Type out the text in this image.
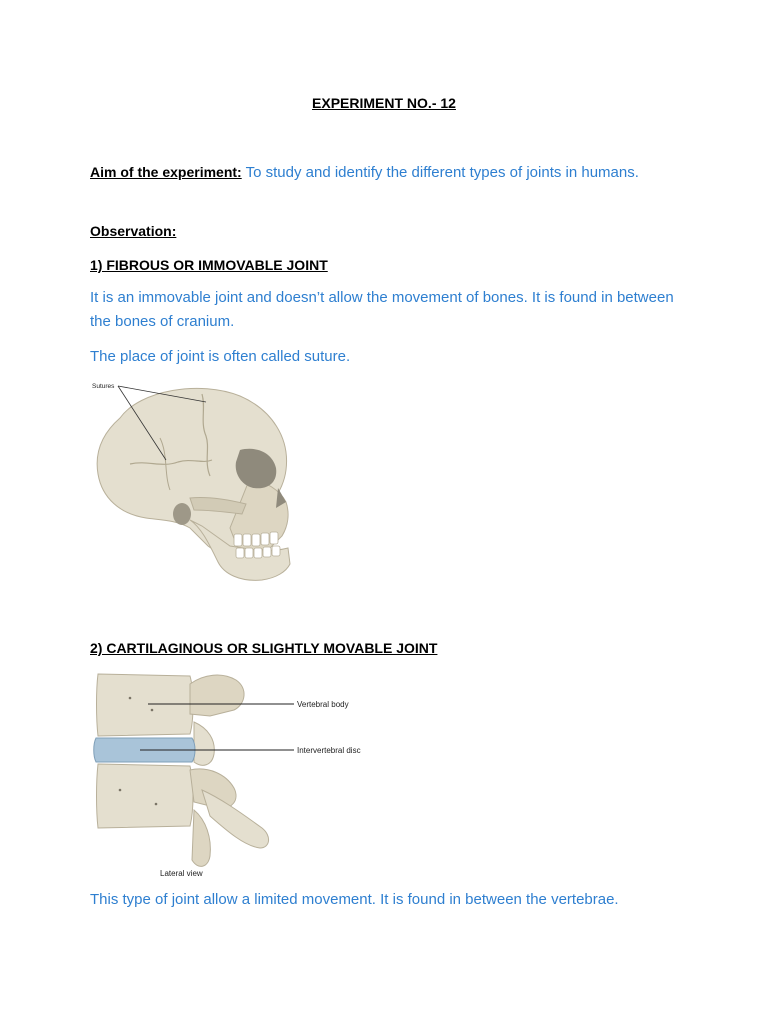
EXPERIMENT NO.- 12
Aim of the experiment: To study and identify the different types of joints in humans.
Observation:
1) FIBROUS OR IMMOVABLE JOINT
It is an immovable joint and doesn’t allow the movement of bones. It is found in between the bones of cranium.
The place of joint is often called suture.
Sutures
2) CARTILAGINOUS OR SLIGHTLY MOVABLE JOINT
Vertebral body
Intervertebral disc
Lateral view
This type of joint allow a limited movement. It is found in between the vertebrae.
